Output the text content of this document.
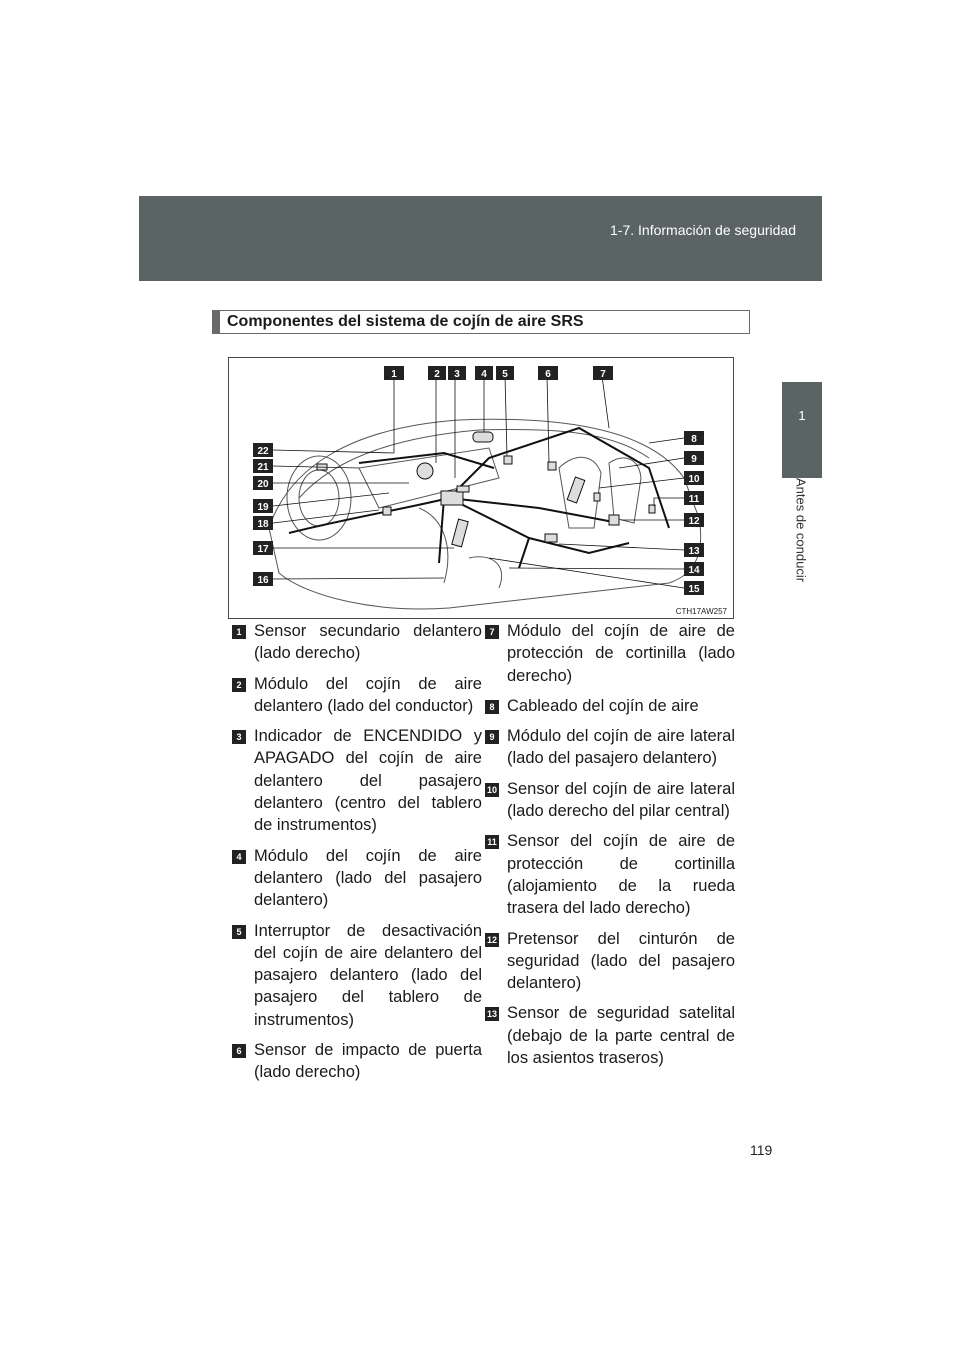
1-7. Información de seguridad
1
Antes de conducir
Componentes del sistema de cojín de aire SRS
1	2 3 4 5	6	7
8
9
10
11
12
13
14
15
16
17
18
19
20
21
22
CTH17AW257
1 Sensor secundario delantero (lado derecho)
2 Módulo del cojín de aire delantero (lado del conductor)
3 Indicador de ENCENDIDO y APAGADO del cojín de aire delantero del pasajero delantero (centro del tablero de instrumentos)
4 Módulo del cojín de aire delantero (lado del pasajero delantero)
5 Interruptor de desactivación del cojín de aire delantero del pasajero delantero (lado del pasajero del tablero de instrumentos)
6 Sensor de impacto de puerta (lado derecho)
7 Módulo del cojín de aire de protección de cortinilla (lado derecho)
8 Cableado del cojín de aire
9 Módulo del cojín de aire lateral (lado del pasajero delantero)
10 Sensor del cojín de aire lateral (lado derecho del pilar central)
11 Sensor del cojín de aire de protección de cortinilla (alojamiento de la rueda trasera del lado derecho)
12 Pretensor del cinturón de seguridad (lado del pasajero delantero)
13 Sensor de seguridad satelital (debajo de la parte central de los asientos traseros)
119
